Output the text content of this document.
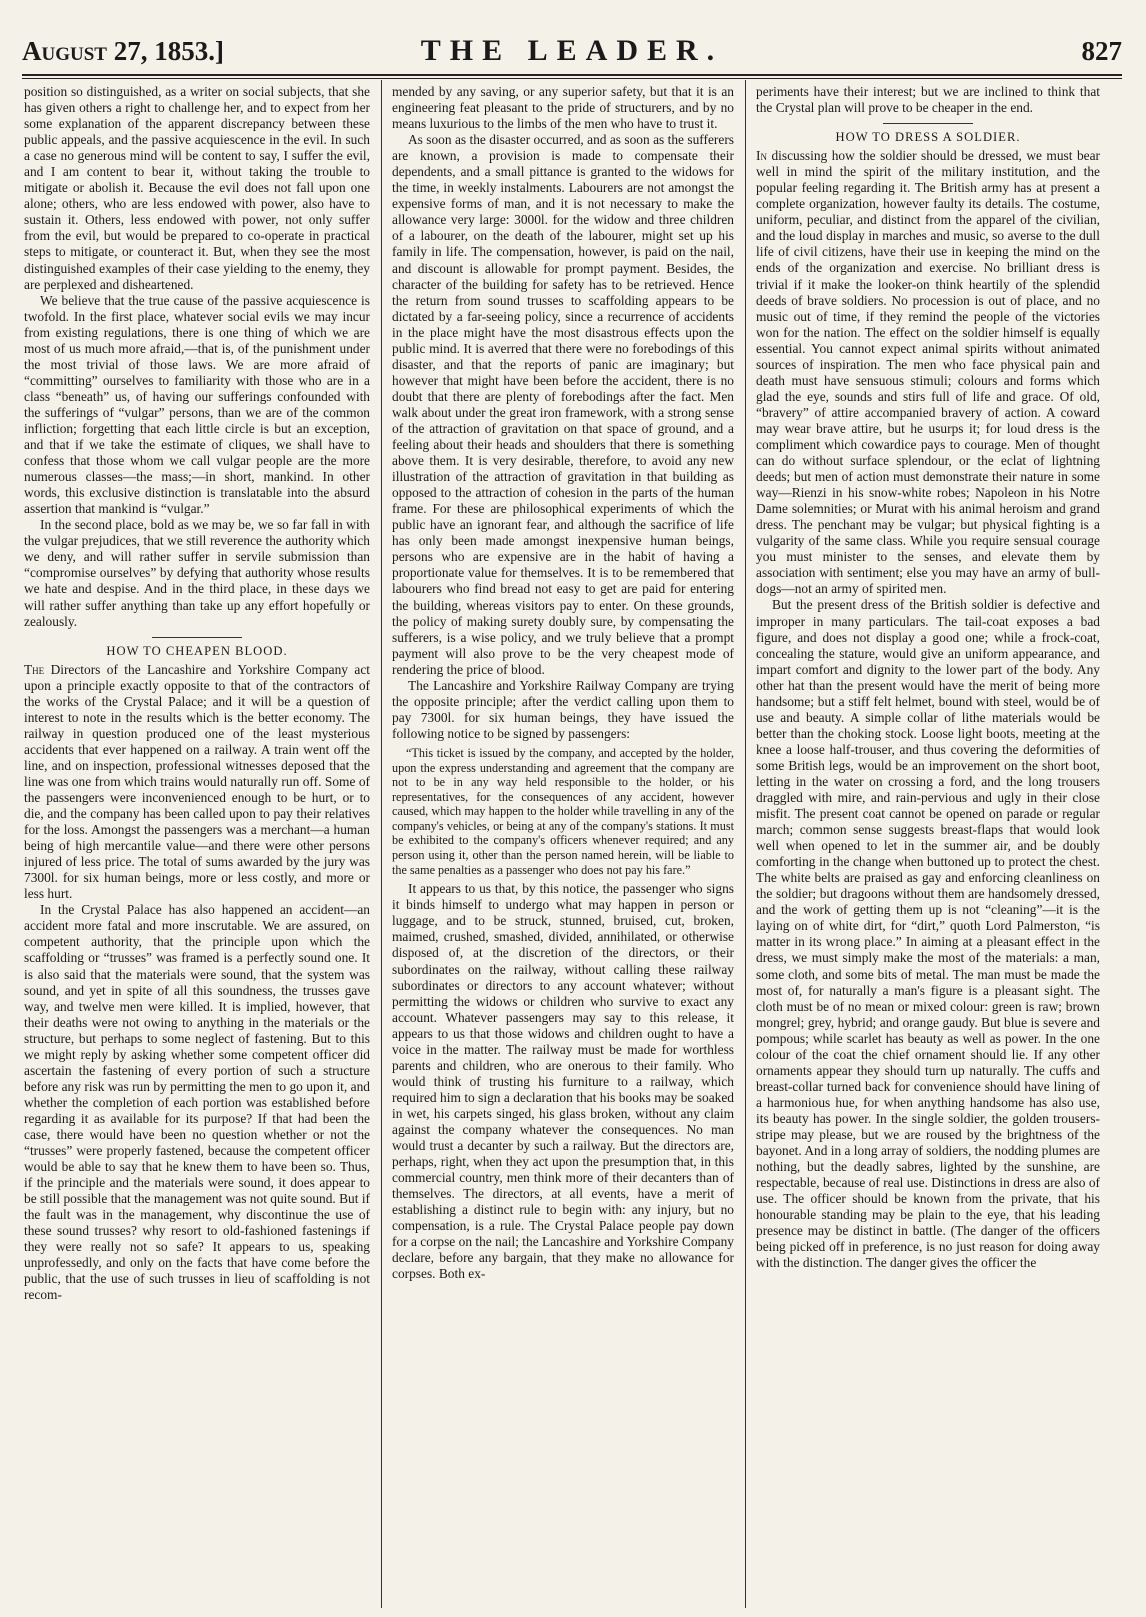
August 27, 1853.]	THE LEADER.	827

position so distinguished, as a writer on social subjects, that she has given others a right to challenge her, and to expect from her some explanation of the apparent discrepancy between these public appeals, and the passive acquiescence in the evil. In such a case no generous mind will be content to say, I suffer the evil, and I am content to bear it, without taking the trouble to mitigate or abolish it. Because the evil does not fall upon one alone; others, who are less endowed with power, also have to sustain it. Others, less endowed with power, not only suffer from the evil, but would be prepared to co-operate in practical steps to mitigate, or counteract it. But, when they see the most distinguished examples of their case yielding to the enemy, they are perplexed and disheartened.

We believe that the true cause of the passive acquiescence is twofold. In the first place, whatever social evils we may incur from existing regulations, there is one thing of which we are most of us much more afraid,—that is, of the punishment under the most trivial of those laws. We are more afraid of “committing” ourselves to familiarity with those who are in a class “beneath” us, of having our sufferings confounded with the sufferings of “vulgar” persons, than we are of the common infliction; forgetting that each little circle is but an exception, and that if we take the estimate of cliques, we shall have to confess that those whom we call vulgar people are the more numerous classes—the mass;—in short, mankind. In other words, this exclusive distinction is translatable into the absurd assertion that mankind is “vulgar.”

In the second place, bold as we may be, we so far fall in with the vulgar prejudices, that we still reverence the authority which we deny, and will rather suffer in servile submission than “compromise ourselves” by defying that authority whose results we hate and despise. And in the third place, in these days we will rather suffer anything than take up any effort hopefully or zealously.

HOW TO CHEAPEN BLOOD.

The Directors of the Lancashire and Yorkshire Company act upon a principle exactly opposite to that of the contractors of the works of the Crystal Palace; and it will be a question of interest to note in the results which is the better economy. The railway in question produced one of the least mysterious accidents that ever happened on a railway. A train went off the line, and on inspection, professional witnesses deposed that the line was one from which trains would naturally run off. Some of the passengers were inconvenienced enough to be hurt, or to die, and the company has been called upon to pay their relatives for the loss. Amongst the passengers was a merchant—a human being of high mercantile value—and there were other persons injured of less price. The total of sums awarded by the jury was 7300l. for six human beings, more or less costly, and more or less hurt.

In the Crystal Palace has also happened an accident—an accident more fatal and more inscrutable. We are assured, on competent authority, that the principle upon which the scaffolding or “trusses” was framed is a perfectly sound one. It is also said that the materials were sound, that the system was sound, and yet in spite of all this soundness, the trusses gave way, and twelve men were killed. It is implied, however, that their deaths were not owing to anything in the materials or the structure, but perhaps to some neglect of fastening. But to this we might reply by asking whether some competent officer did ascertain the fastening of every portion of such a structure before any risk was run by permitting the men to go upon it, and whether the completion of each portion was established before regarding it as available for its purpose? If that had been the case, there would have been no question whether or not the “trusses” were properly fastened, because the competent officer would be able to say that he knew them to have been so. Thus, if the principle and the materials were sound, it does appear to be still possible that the management was not quite sound. But if the fault was in the management, why discontinue the use of these sound trusses? why resort to old-fashioned fastenings if they were really not so safe? It appears to us, speaking unprofessedly, and only on the facts that have come before the public, that the use of such trusses in lieu of scaffolding is not recom-

mended by any saving, or any superior safety, but that it is an engineering feat pleasant to the pride of structurers, and by no means luxurious to the limbs of the men who have to trust it.

As soon as the disaster occurred, and as soon as the sufferers are known, a provision is made to compensate their dependents, and a small pittance is granted to the widows for the time, in weekly instalments. Labourers are not amongst the expensive forms of man, and it is not necessary to make the allowance very large: 3000l. for the widow and three children of a labourer, on the death of the labourer, might set up his family in life. The compensation, however, is paid on the nail, and discount is allowable for prompt payment. Besides, the character of the building for safety has to be retrieved. Hence the return from sound trusses to scaffolding appears to be dictated by a far-seeing policy, since a recurrence of accidents in the place might have the most disastrous effects upon the public mind. It is averred that there were no forebodings of this disaster, and that the reports of panic are imaginary; but however that might have been before the accident, there is no doubt that there are plenty of forebodings after the fact. Men walk about under the great iron framework, with a strong sense of the attraction of gravitation on that space of ground, and a feeling about their heads and shoulders that there is something above them. It is very desirable, therefore, to avoid any new illustration of the attraction of gravitation in that building as opposed to the attraction of cohesion in the parts of the human frame. For these are philosophical experiments of which the public have an ignorant fear, and although the sacrifice of life has only been made amongst inexpensive human beings, persons who are expensive are in the habit of having a proportionate value for themselves. It is to be remembered that labourers who find bread not easy to get are paid for entering the building, whereas visitors pay to enter. On these grounds, the policy of making surety doubly sure, by compensating the sufferers, is a wise policy, and we truly believe that a prompt payment will also prove to be the very cheapest mode of rendering the price of blood.

The Lancashire and Yorkshire Railway Company are trying the opposite principle; after the verdict calling upon them to pay 7300l. for six human beings, they have issued the following notice to be signed by passengers:

“This ticket is issued by the company, and accepted by the holder, upon the express understanding and agreement that the company are not to be in any way held responsible to the holder, or his representatives, for the consequences of any accident, however caused, which may happen to the holder while travelling in any of the company's vehicles, or being at any of the company's stations. It must be exhibited to the company's officers whenever required; and any person using it, other than the person named herein, will be liable to the same penalties as a passenger who does not pay his fare.”

It appears to us that, by this notice, the passenger who signs it binds himself to undergo what may happen in person or luggage, and to be struck, stunned, bruised, cut, broken, maimed, crushed, smashed, divided, annihilated, or otherwise disposed of, at the discretion of the directors, or their subordinates on the railway, without calling these railway subordinates or directors to any account whatever; without permitting the widows or children who survive to exact any account. Whatever passengers may say to this release, it appears to us that those widows and children ought to have a voice in the matter. The railway must be made for worthless parents and children, who are onerous to their family. Who would think of trusting his furniture to a railway, which required him to sign a declaration that his books may be soaked in wet, his carpets singed, his glass broken, without any claim against the company whatever the consequences. No man would trust a decanter by such a railway. But the directors are, perhaps, right, when they act upon the presumption that, in this commercial country, men think more of their decanters than of themselves. The directors, at all events, have a merit of establishing a distinct rule to begin with: any injury, but no compensation, is a rule. The Crystal Palace people pay down for a corpse on the nail; the Lancashire and Yorkshire Company declare, before any bargain, that they make no allowance for corpses. Both ex-

periments have their interest; but we are inclined to think that the Crystal plan will prove to be cheaper in the end.

HOW TO DRESS A SOLDIER.

In discussing how the soldier should be dressed, we must bear well in mind the spirit of the military institution, and the popular feeling regarding it. The British army has at present a complete organization, however faulty its details. The costume, uniform, peculiar, and distinct from the apparel of the civilian, and the loud display in marches and music, so averse to the dull life of civil citizens, have their use in keeping the mind on the ends of the organization and exercise. No brilliant dress is trivial if it make the looker-on think heartily of the splendid deeds of brave soldiers. No procession is out of place, and no music out of time, if they remind the people of the victories won for the nation. The effect on the soldier himself is equally essential. You cannot expect animal spirits without animated sources of inspiration. The men who face physical pain and death must have sensuous stimuli; colours and forms which glad the eye, sounds and stirs full of life and grace. Of old, “bravery” of attire accompanied bravery of action. A coward may wear brave attire, but he usurps it; for loud dress is the compliment which cowardice pays to courage. Men of thought can do without surface splendour, or the eclat of lightning deeds; but men of action must demonstrate their nature in some way—Rienzi in his snow-white robes; Napoleon in his Notre Dame solemnities; or Murat with his animal heroism and grand dress. The penchant may be vulgar; but physical fighting is a vulgarity of the same class. While you require sensual courage you must minister to the senses, and elevate them by association with sentiment; else you may have an army of bull-dogs—not an army of spirited men.

But the present dress of the British soldier is defective and improper in many particulars. The tail-coat exposes a bad figure, and does not display a good one; while a frock-coat, concealing the stature, would give an uniform appearance, and impart comfort and dignity to the lower part of the body. Any other hat than the present would have the merit of being more handsome; but a stiff felt helmet, bound with steel, would be of use and beauty. A simple collar of lithe materials would be better than the choking stock. Loose light boots, meeting at the knee a loose half-trouser, and thus covering the deformities of some British legs, would be an improvement on the short boot, letting in the water on crossing a ford, and the long trousers draggled with mire, and rain-pervious and ugly in their close misfit. The present coat cannot be opened on parade or regular march; common sense suggests breast-flaps that would look well when opened to let in the summer air, and be doubly comforting in the change when buttoned up to protect the chest. The white belts are praised as gay and enforcing cleanliness on the soldier; but dragoons without them are handsomely dressed, and the work of getting them up is not “cleaning”—it is the laying on of white dirt, for “dirt,” quoth Lord Palmerston, “is matter in its wrong place.” In aiming at a pleasant effect in the dress, we must simply make the most of the materials: a man, some cloth, and some bits of metal. The man must be made the most of, for naturally a man's figure is a pleasant sight. The cloth must be of no mean or mixed colour: green is raw; brown mongrel; grey, hybrid; and orange gaudy. But blue is severe and pompous; while scarlet has beauty as well as power. In the one colour of the coat the chief ornament should lie. If any other ornaments appear they should turn up naturally. The cuffs and breast-collar turned back for convenience should have lining of a harmonious hue, for when anything handsome has also use, its beauty has power. In the single soldier, the golden trousers-stripe may please, but we are roused by the brightness of the bayonet. And in a long array of soldiers, the nodding plumes are nothing, but the deadly sabres, lighted by the sunshine, are respectable, because of real use. Distinctions in dress are also of use. The officer should be known from the private, that his honourable standing may be plain to the eye, that his leading presence may be distinct in battle. (The danger of the officers being picked off in preference, is no just reason for doing away with the distinction. The danger gives the officer the
